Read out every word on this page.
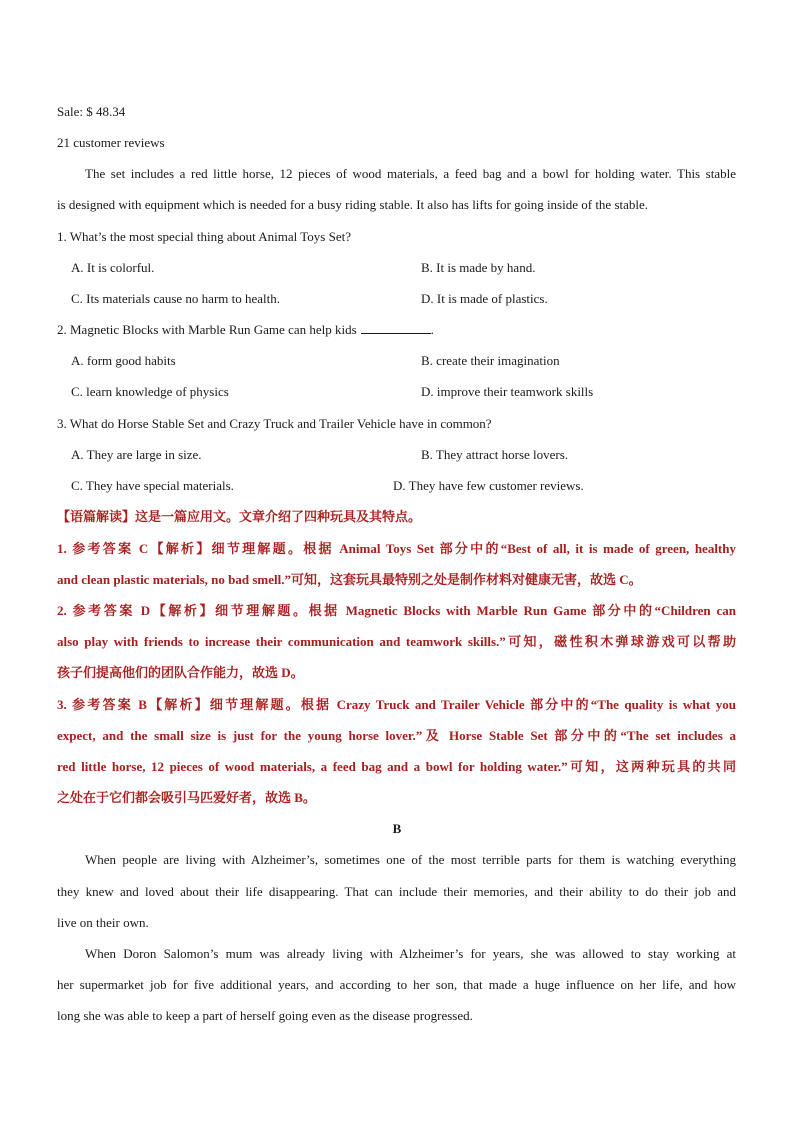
Sale: $ 48.34
21 customer reviews
The set includes a red little horse, 12 pieces of wood materials, a feed bag and a bowl for holding water. This stable
is designed with equipment which is needed for a busy riding stable. It also has lifts for going inside of the stable.
1. What’s the most special thing about Animal Toys Set?
A. It is colorful.	B. It is made by hand.
C. Its materials cause no harm to health.	D. It is made of plastics.
2. Magnetic Blocks with Marble Run Game can help kids	.
A. form good habits	B. create their imagination
C. learn knowledge of physics	D. improve their teamwork skills
3. What do Horse Stable Set and Crazy Truck and Trailer Vehicle have in common?
A. They are large in size.	B. They attract horse lovers.
C. They have special materials.	D. They have few customer reviews.
【语篇解读】这是一篇应用文。文章介绍了四种玩具及其特点。
1. 参考答案 C【解析】细节理解题。根据 Animal Toys Set 部分中的“Best of all, it is made of green, healthy
and clean plastic materials, no bad smell.”可知，这套玩具最特别之处是制作材料对健康无害，故选 C。
2. 参考答案 D【解析】细节理解题。根据 Magnetic Blocks with Marble Run Game 部分中的“Children can
also play with friends to increase their communication and teamwork skills.”可知，磁性积木弹球游戏可以帮助
孩子们提高他们的团队合作能力，故选 D。
3. 参考答案 B【解析】细节理解题。根据 Crazy Truck and Trailer Vehicle 部分中的“The quality is what you
expect, and the small size is just for the young horse lover.”及 Horse Stable Set 部分中的“The set includes a
red little horse, 12 pieces of wood materials, a feed bag and a bowl for holding water.”可知，这两种玩具的共同
之处在于它们都会吸引马匹爱好者，故选 B。
B
When people are living with Alzheimer’s, sometimes one of the most terrible parts for them is watching everything
they knew and loved about their life disappearing. That can include their memories, and their ability to do their job and
live on their own.
When Doron Salomon’s mum was already living with Alzheimer’s for years, she was allowed to stay working at
her supermarket job for five additional years, and according to her son, that made a huge influence on her life, and how
long she was able to keep a part of herself going even as the disease progressed.
